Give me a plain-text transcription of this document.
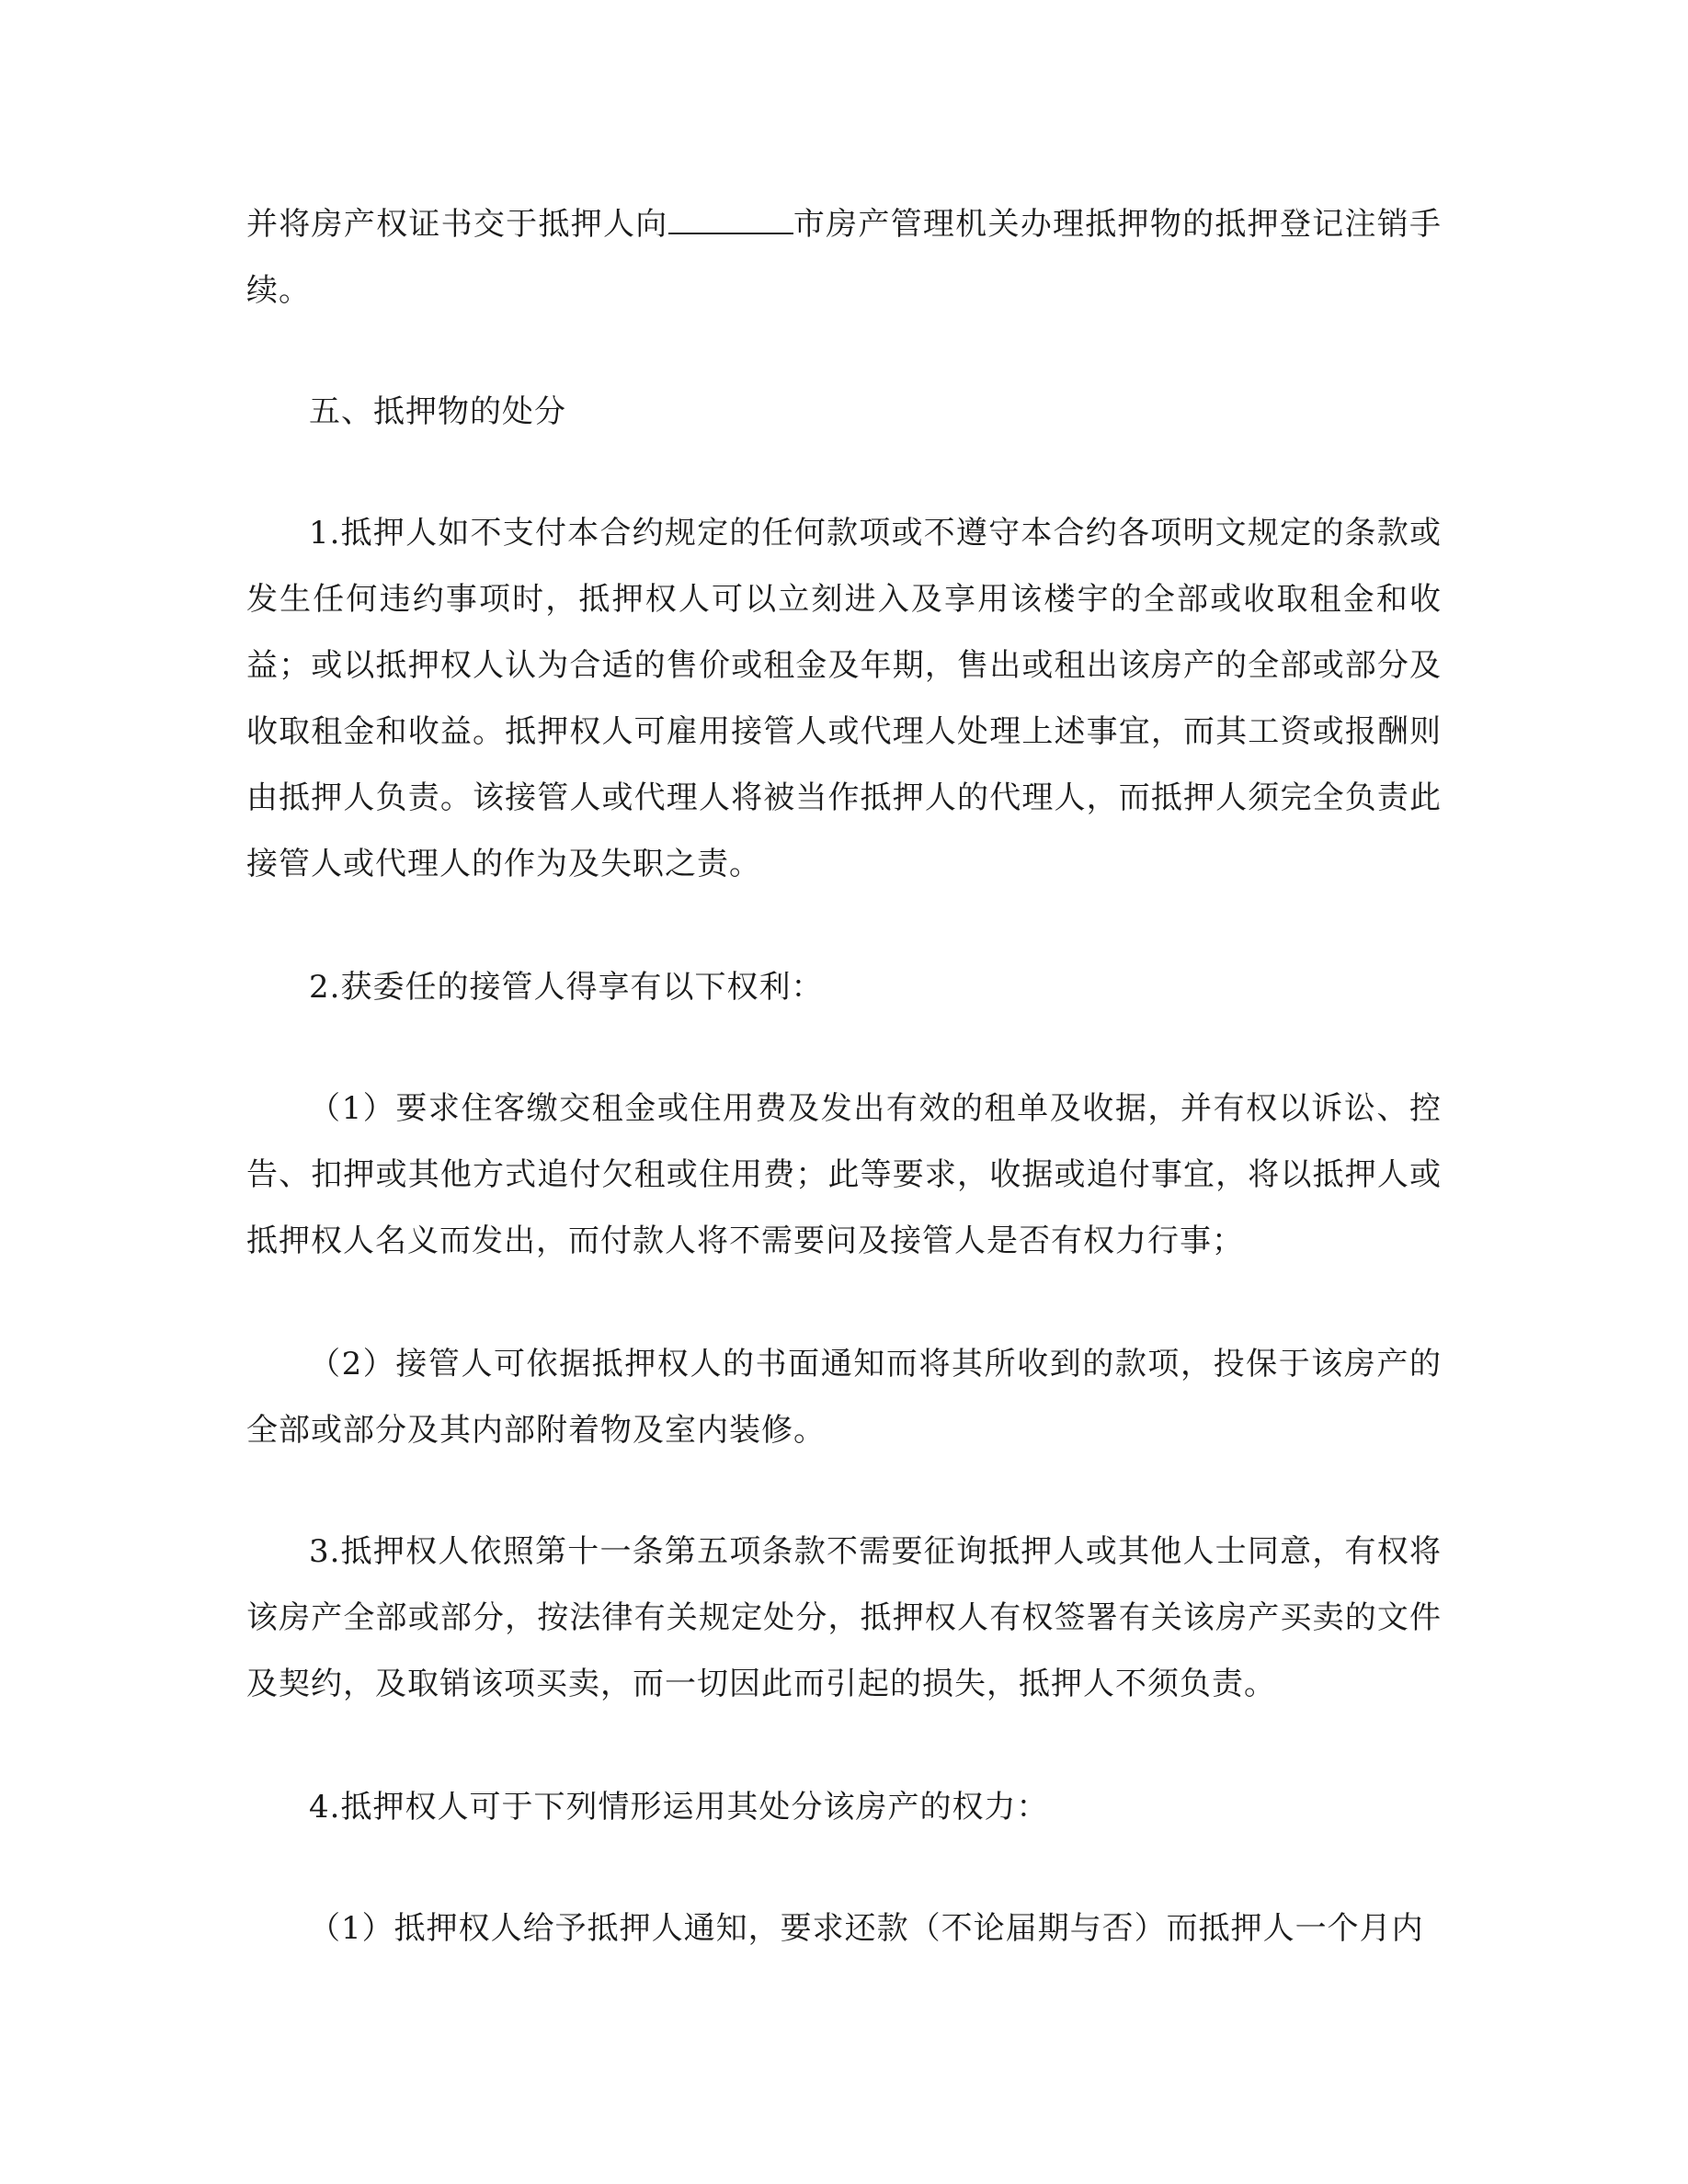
并将房产权证书交于抵押人向	市房产管理机关办理抵押物的抵押登记注销手续。

五、抵押物的处分

1.抵押人如不支付本合约规定的任何款项或不遵守本合约各项明文规定的条款或发生任何违约事项时，抵押权人可以立刻进入及享用该楼宇的全部或收取租金和收益；或以抵押权人认为合适的售价或租金及年期，售出或租出该房产的全部或部分及收取租金和收益。抵押权人可雇用接管人或代理人处理上述事宜，而其工资或报酬则由抵押人负责。该接管人或代理人将被当作抵押人的代理人，而抵押人须完全负责此接管人或代理人的作为及失职之责。

2.获委任的接管人得享有以下权利：

（1）要求住客缴交租金或住用费及发出有效的租单及收据，并有权以诉讼、控告、扣押或其他方式追付欠租或住用费；此等要求，收据或追付事宜，将以抵押人或抵押权人名义而发出，而付款人将不需要问及接管人是否有权力行事；

（2）接管人可依据抵押权人的书面通知而将其所收到的款项，投保于该房产的全部或部分及其内部附着物及室内装修。

3.抵押权人依照第十一条第五项条款不需要征询抵押人或其他人士同意，有权将该房产全部或部分，按法律有关规定处分，抵押权人有权签署有关该房产买卖的文件及契约，及取销该项买卖，而一切因此而引起的损失，抵押人不须负责。

4.抵押权人可于下列情形运用其处分该房产的权力：

（1）抵押权人给予抵押人通知，要求还款（不论届期与否）而抵押人一个月内
